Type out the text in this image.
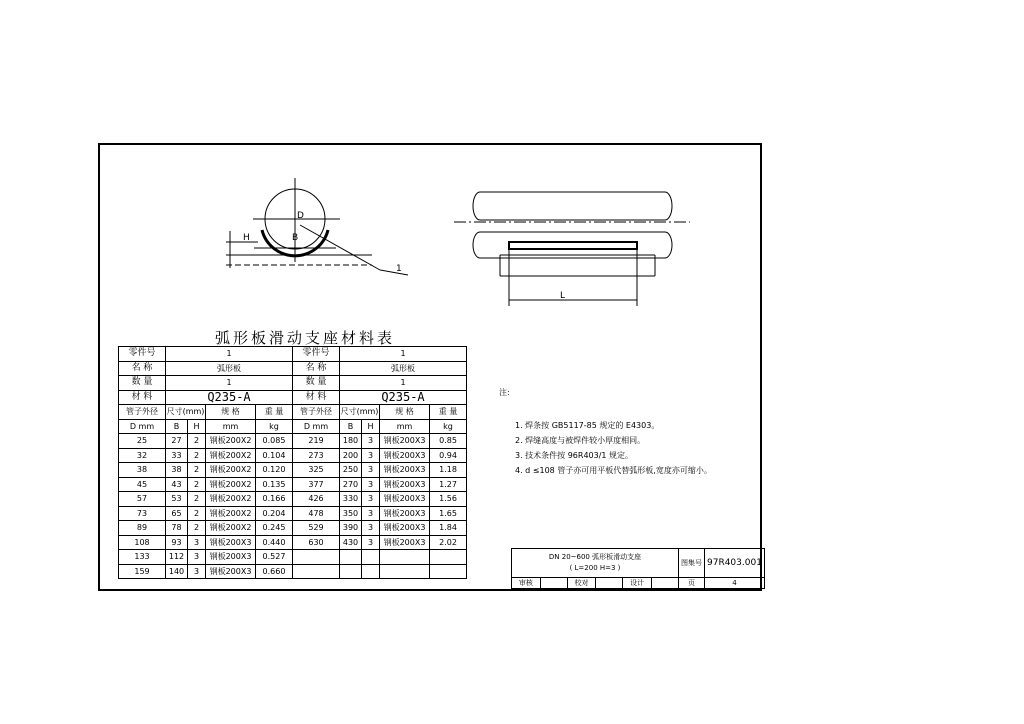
D
B
H
1
L
弧形板滑动支座材料表
零件号	1				零件号	1			
名 称	弧形板				名 称	弧形板			
数 量	1				数 量	1			
材 料	Q235-A				材 料	Q235-A			
管子外径	尺寸(mm)		规 格	重 量	管子外径	尺寸(mm)		规 格	重 量
D mm	B	H	mm	kg	D mm	B	H	mm	kg
25	27	2	钢板200X2	0.085	219	180	3	钢板200X3	0.85
32	33	2	钢板200X2	0.104	273	200	3	钢板200X3	0.94
38	38	2	钢板200X2	0.120	325	250	3	钢板200X3	1.18
45	43	2	钢板200X2	0.135	377	270	3	钢板200X3	1.27
57	53	2	钢板200X2	0.166	426	330	3	钢板200X3	1.56
73	65	2	钢板200X2	0.204	478	350	3	钢板200X3	1.65
89	78	2	钢板200X2	0.245	529	390	3	钢板200X3	1.84
108	93	3	钢板200X3	0.440	630	430	3	钢板200X3	2.02
133	112	3	钢板200X3	0.527					
159	140	3	钢板200X3	0.660					
注:
1. 焊条按 GB5117-85 规定的 E4303。
2. 焊缝高度与被焊件较小厚度相同。
3. 技术条件按 96R403/1 规定。
4. d ≤108 管子亦可用平板代替弧形板,宽度亦可缩小。
DN 20~600 弧形板滑动支座
( L=200 H=3 )						图集号	97R403.001

审核		校对		设计		页	4
